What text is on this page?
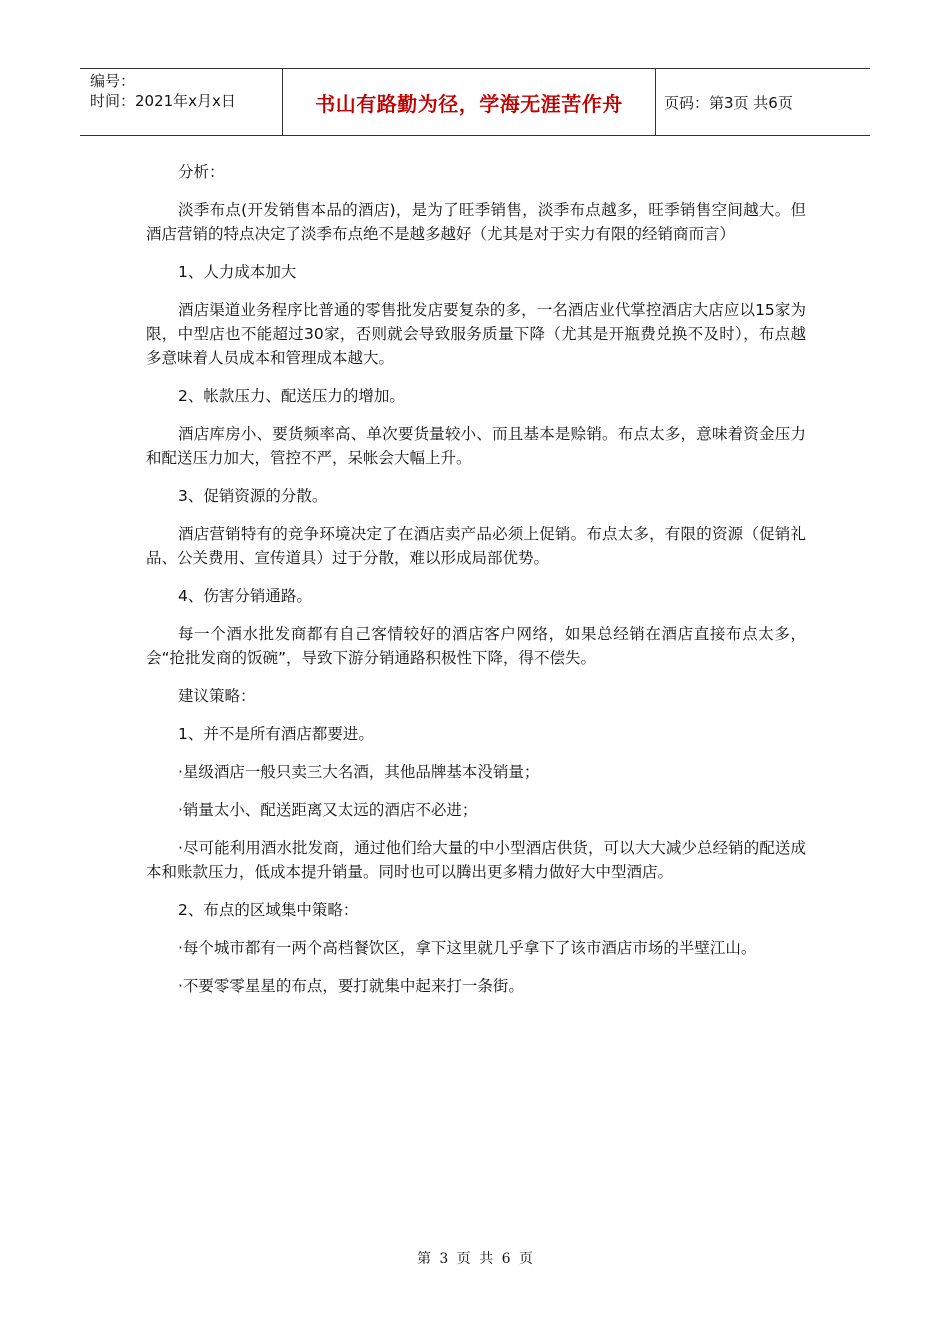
编号：
时间：2021年x月x日	书山有路勤为径，学海无涯苦作舟	页码：第3页 共6页

分析：

淡季布点(开发销售本品的酒店)，是为了旺季销售，淡季布点越多，旺季销售空间越大。但酒店营销的特点决定了淡季布点绝不是越多越好（尤其是对于实力有限的经销商而言）

1、人力成本加大

酒店渠道业务程序比普通的零售批发店要复杂的多，一名酒店业代掌控酒店大店应以15家为限，中型店也不能超过30家，否则就会导致服务质量下降（尤其是开瓶费兑换不及时），布点越多意味着人员成本和管理成本越大。

2、帐款压力、配送压力的增加。

酒店库房小、要货频率高、单次要货量较小、而且基本是赊销。布点太多，意味着资金压力和配送压力加大，管控不严，呆帐会大幅上升。

3、促销资源的分散。

酒店营销特有的竞争环境决定了在酒店卖产品必须上促销。布点太多，有限的资源（促销礼品、公关费用、宣传道具）过于分散，难以形成局部优势。

4、伤害分销通路。

每一个酒水批发商都有自己客情较好的酒店客户网络，如果总经销在酒店直接布点太多，会“抢批发商的饭碗”，导致下游分销通路积极性下降，得不偿失。

建议策略：

1、并不是所有酒店都要进。

·星级酒店一般只卖三大名酒，其他品牌基本没销量；

·销量太小、配送距离又太远的酒店不必进；

·尽可能利用酒水批发商，通过他们给大量的中小型酒店供货，可以大大减少总经销的配送成本和账款压力，低成本提升销量。同时也可以腾出更多精力做好大中型酒店。

2、布点的区域集中策略：

·每个城市都有一两个高档餐饮区，拿下这里就几乎拿下了该市酒店市场的半壁江山。

·不要零零星星的布点，要打就集中起来打一条街。

第 3 页 共 6 页
